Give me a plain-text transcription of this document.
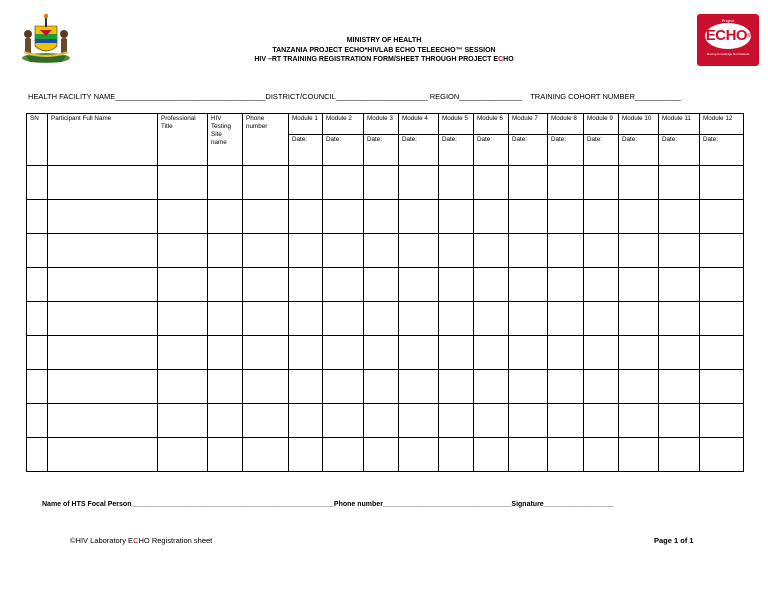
Project
ECHO®
Moving Knowledge Not Patients
MINISTRY OF HEALTH
TANZANIA PROJECT ECHO*HIVLAB ECHO TELEECHO™ SESSION
HIV –RT TRAINING REGISTRATION FORM/SHEET THROUGH PROJECT ECHO
HEALTH FACILITY NAME____________________________________DISTRICT/COUNCIL______________________ REGION_______________ TRAINING COHORT NUMBER___________
SN	Participant Full Name	Professional Title	HIV Testing Site name	Phone number	Module 1	Module 2	Module 3	Module 4	Module 5	Module 6	Module 7	Module 8	Module 9	Module 10	Module 11	Module 12
					Date:	Date:	Date:	Date:	Date:	Date:	Date:	Date:	Date:	Date:	Date:	Date:

Name of HTS Focal Person____________________________________________________Phone number_________________________________Signature__________________
©HIV Laboratory ECHO Registration sheet	Page 1 of 1
